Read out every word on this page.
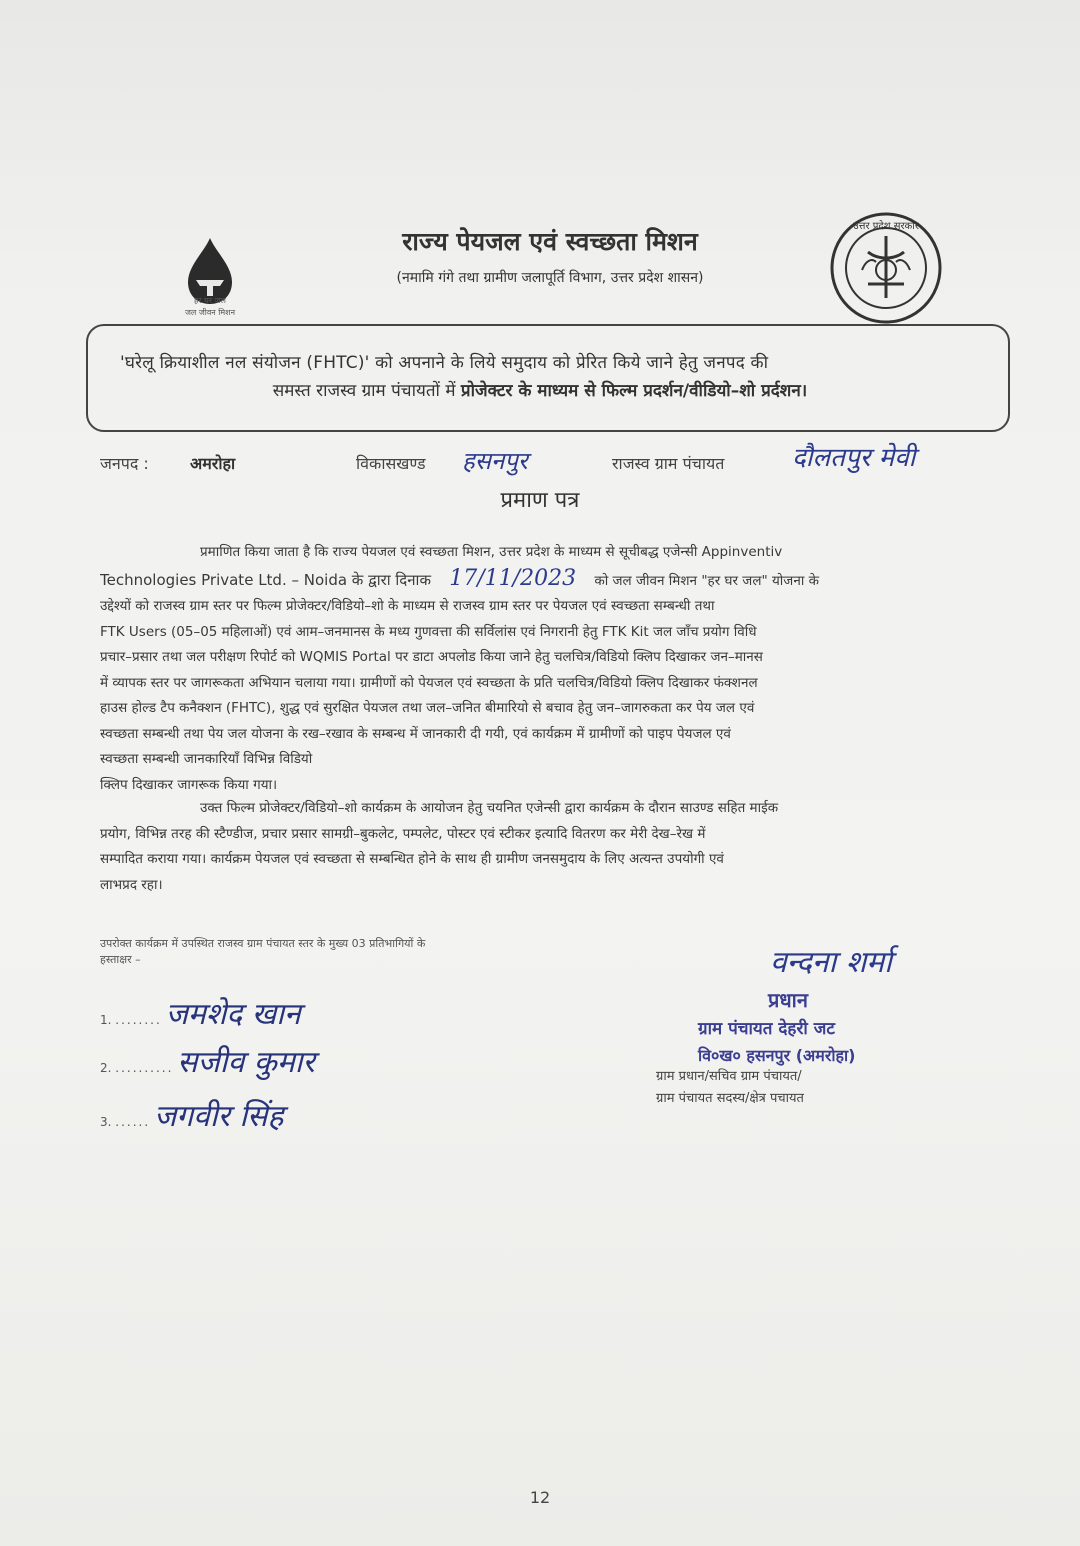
हर घर जल
जल जीवन मिशन
राज्य पेयजल एवं स्वच्छता मिशन
(नमामि गंगे तथा ग्रामीण जलापूर्ति विभाग, उत्तर प्रदेश शासन)
उत्तर प्रदेश सरकार
'घरेलू क्रियाशील नल संयोजन (FHTC)' को अपनाने के लिये समुदाय को प्रेरित किये जाने हेतु जनपद की
समस्त राजस्व ग्राम पंचायतों में प्रोजेक्टर के माध्यम से फिल्म प्रदर्शन/वीडियो–शो प्रर्दशन।
जनपद :	अमरोहा	विकासखण्ड हसनपुर	राजस्व ग्राम पंचायत	दौलतपुर मेवी
प्रमाण पत्र
प्रमाणित किया जाता है कि राज्य पेयजल एवं स्वच्छता मिशन, उत्तर प्रदेश के माध्यम से सूचीबद्ध एजेन्सी Appinventiv
Technologies Private Ltd. – Noida के द्वारा दिनाक 17/11/2023 को जल जीवन मिशन "हर घर जल" योजना के
उद्देश्यों को राजस्व ग्राम स्तर पर फिल्म प्रोजेक्टर/विडियो–शो के माध्यम से राजस्व ग्राम स्तर पर पेयजल एवं स्वच्छता सम्बन्धी तथा
FTK Users (05–05 महिलाओं) एवं आम–जनमानस के मध्य गुणवत्ता की सर्विलांस एवं निगरानी हेतु FTK Kit जल जाँच प्रयोग विधि
प्रचार–प्रसार तथा जल परीक्षण रिपोर्ट को WQMIS Portal पर डाटा अपलोड किया जाने हेतु चलचित्र/विडियो क्लिप दिखाकर जन–मानस
में व्यापक स्तर पर जागरूकता अभियान चलाया गया। ग्रामीणों को पेयजल एवं स्वच्छता के प्रति चलचित्र/विडियो क्लिप दिखाकर फंक्शनल
हाउस होल्ड टैप कनैक्शन (FHTC), शुद्ध एवं सुरक्षित पेयजल तथा जल–जनित बीमारियो से बचाव हेतु जन–जागरुकता कर पेय जल एवं
स्वच्छता सम्बन्धी तथा पेय जल योजना के रख–रखाव के सम्बन्ध में जानकारी दी गयी, एवं कार्यक्रम में ग्रामीणों को पाइप पेयजल एवं
स्वच्छता सम्बन्धी जानकारियॉं विभिन्न विडियो
क्लिप दिखाकर जागरूक किया गया।
उक्त फिल्म प्रोजेक्टर/विडियो–शो कार्यक्रम के आयोजन हेतु चयनित एजेन्सी द्वारा कार्यक्रम के दौरान साउण्ड सहित माईक
प्रयोग, विभिन्न तरह की स्टैण्डीज, प्रचार प्रसार सामग्री–बुकलेट, पम्पलेट, पोस्टर एवं स्टीकर इत्यादि वितरण कर मेरी देख–रेख में
सम्पादित कराया गया। कार्यक्रम पेयजल एवं स्वच्छता से सम्बन्धित होने के साथ ही ग्रामीण जनसमुदाय के लिए अत्यन्त उपयोगी एवं
लाभप्रद रहा।
उपरोक्त कार्यक्रम में उपस्थित राजस्व ग्राम पंचायत स्तर के मुख्य 03 प्रतिभागियों के
हस्ताक्षर –
1. ........ जमशेद खान
2. .......... सजीव कुमार
3. ...... जगवीर सिंह
वन्दना शर्मा
प्रधान
ग्राम पंचायत देहरी जट
वि०ख० हसनपुर (अमरोहा)
ग्राम प्रधान/सचिव ग्राम पंचायत/
ग्राम पंचायत सदस्य/क्षेत्र पचायत
12
